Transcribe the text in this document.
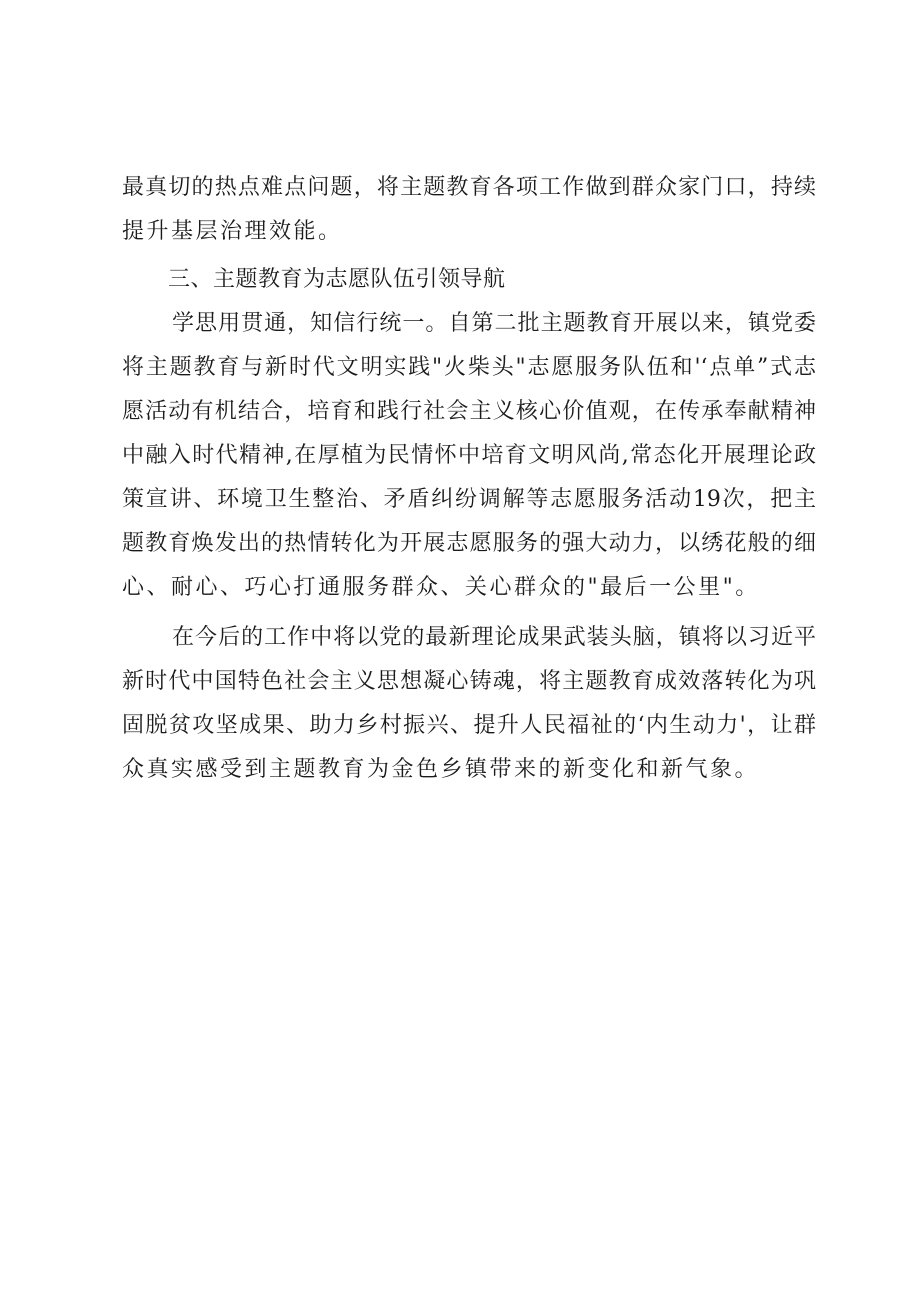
最真切的热点难点问题，将主题教育各项工作做到群众家门口，持续
提升基层治理效能。
三、主题教育为志愿队伍引领导航
学思用贯通，知信行统一。自第二批主题教育开展以来，镇党委
将主题教育与新时代文明实践"火柴头"志愿服务队伍和'‘点单”式志
愿活动有机结合，培育和践行社会主义核心价值观，在传承奉献精神
中融入时代精神,在厚植为民情怀中培育文明风尚,常态化开展理论政
策宣讲、环境卫生整治、矛盾纠纷调解等志愿服务活动19次，把主
题教育焕发出的热情转化为开展志愿服务的强大动力，以绣花般的细
心、耐心、巧心打通服务群众、关心群众的"最后一公里"。
在今后的工作中将以党的最新理论成果武装头脑，镇将以习近平
新时代中国特色社会主义思想凝心铸魂，将主题教育成效落转化为巩
固脱贫攻坚成果、助力乡村振兴、提升人民福祉的‘内生动力'，让群
众真实感受到主题教育为金色乡镇带来的新变化和新气象。
